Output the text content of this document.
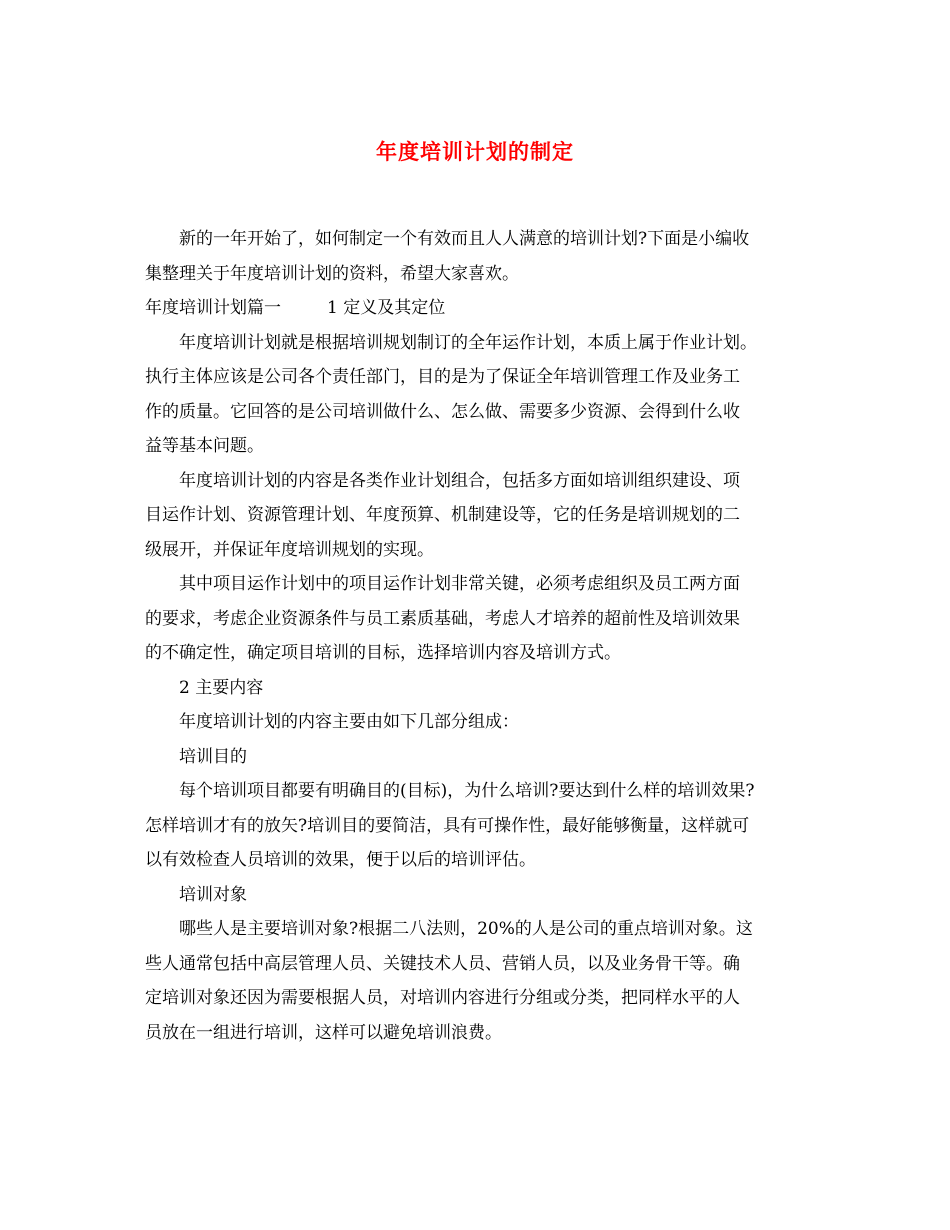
年度培训计划的制定
新的一年开始了，如何制定一个有效而且人人满意的培训计划?下面是小编收
集整理关于年度培训计划的资料，希望大家喜欢。
年度培训计划篇一	1 定义及其定位
年度培训计划就是根据培训规划制订的全年运作计划，本质上属于作业计划。
执行主体应该是公司各个责任部门，目的是为了保证全年培训管理工作及业务工
作的质量。它回答的是公司培训做什么、怎么做、需要多少资源、会得到什么收
益等基本问题。
年度培训计划的内容是各类作业计划组合，包括多方面如培训组织建设、项
目运作计划、资源管理计划、年度预算、机制建设等，它的任务是培训规划的二
级展开，并保证年度培训规划的实现。
其中项目运作计划中的项目运作计划非常关键，必须考虑组织及员工两方面
的要求，考虑企业资源条件与员工素质基础，考虑人才培养的超前性及培训效果
的不确定性，确定项目培训的目标，选择培训内容及培训方式。
2 主要内容
年度培训计划的内容主要由如下几部分组成：
培训目的
每个培训项目都要有明确目的(目标)，为什么培训?要达到什么样的培训效果?
怎样培训才有的放矢?培训目的要简洁，具有可操作性，最好能够衡量，这样就可
以有效检查人员培训的效果，便于以后的培训评估。
培训对象
哪些人是主要培训对象?根据二八法则，20%的人是公司的重点培训对象。这
些人通常包括中高层管理人员、关键技术人员、营销人员，以及业务骨干等。确
定培训对象还因为需要根据人员，对培训内容进行分组或分类，把同样水平的人
员放在一组进行培训，这样可以避免培训浪费。
